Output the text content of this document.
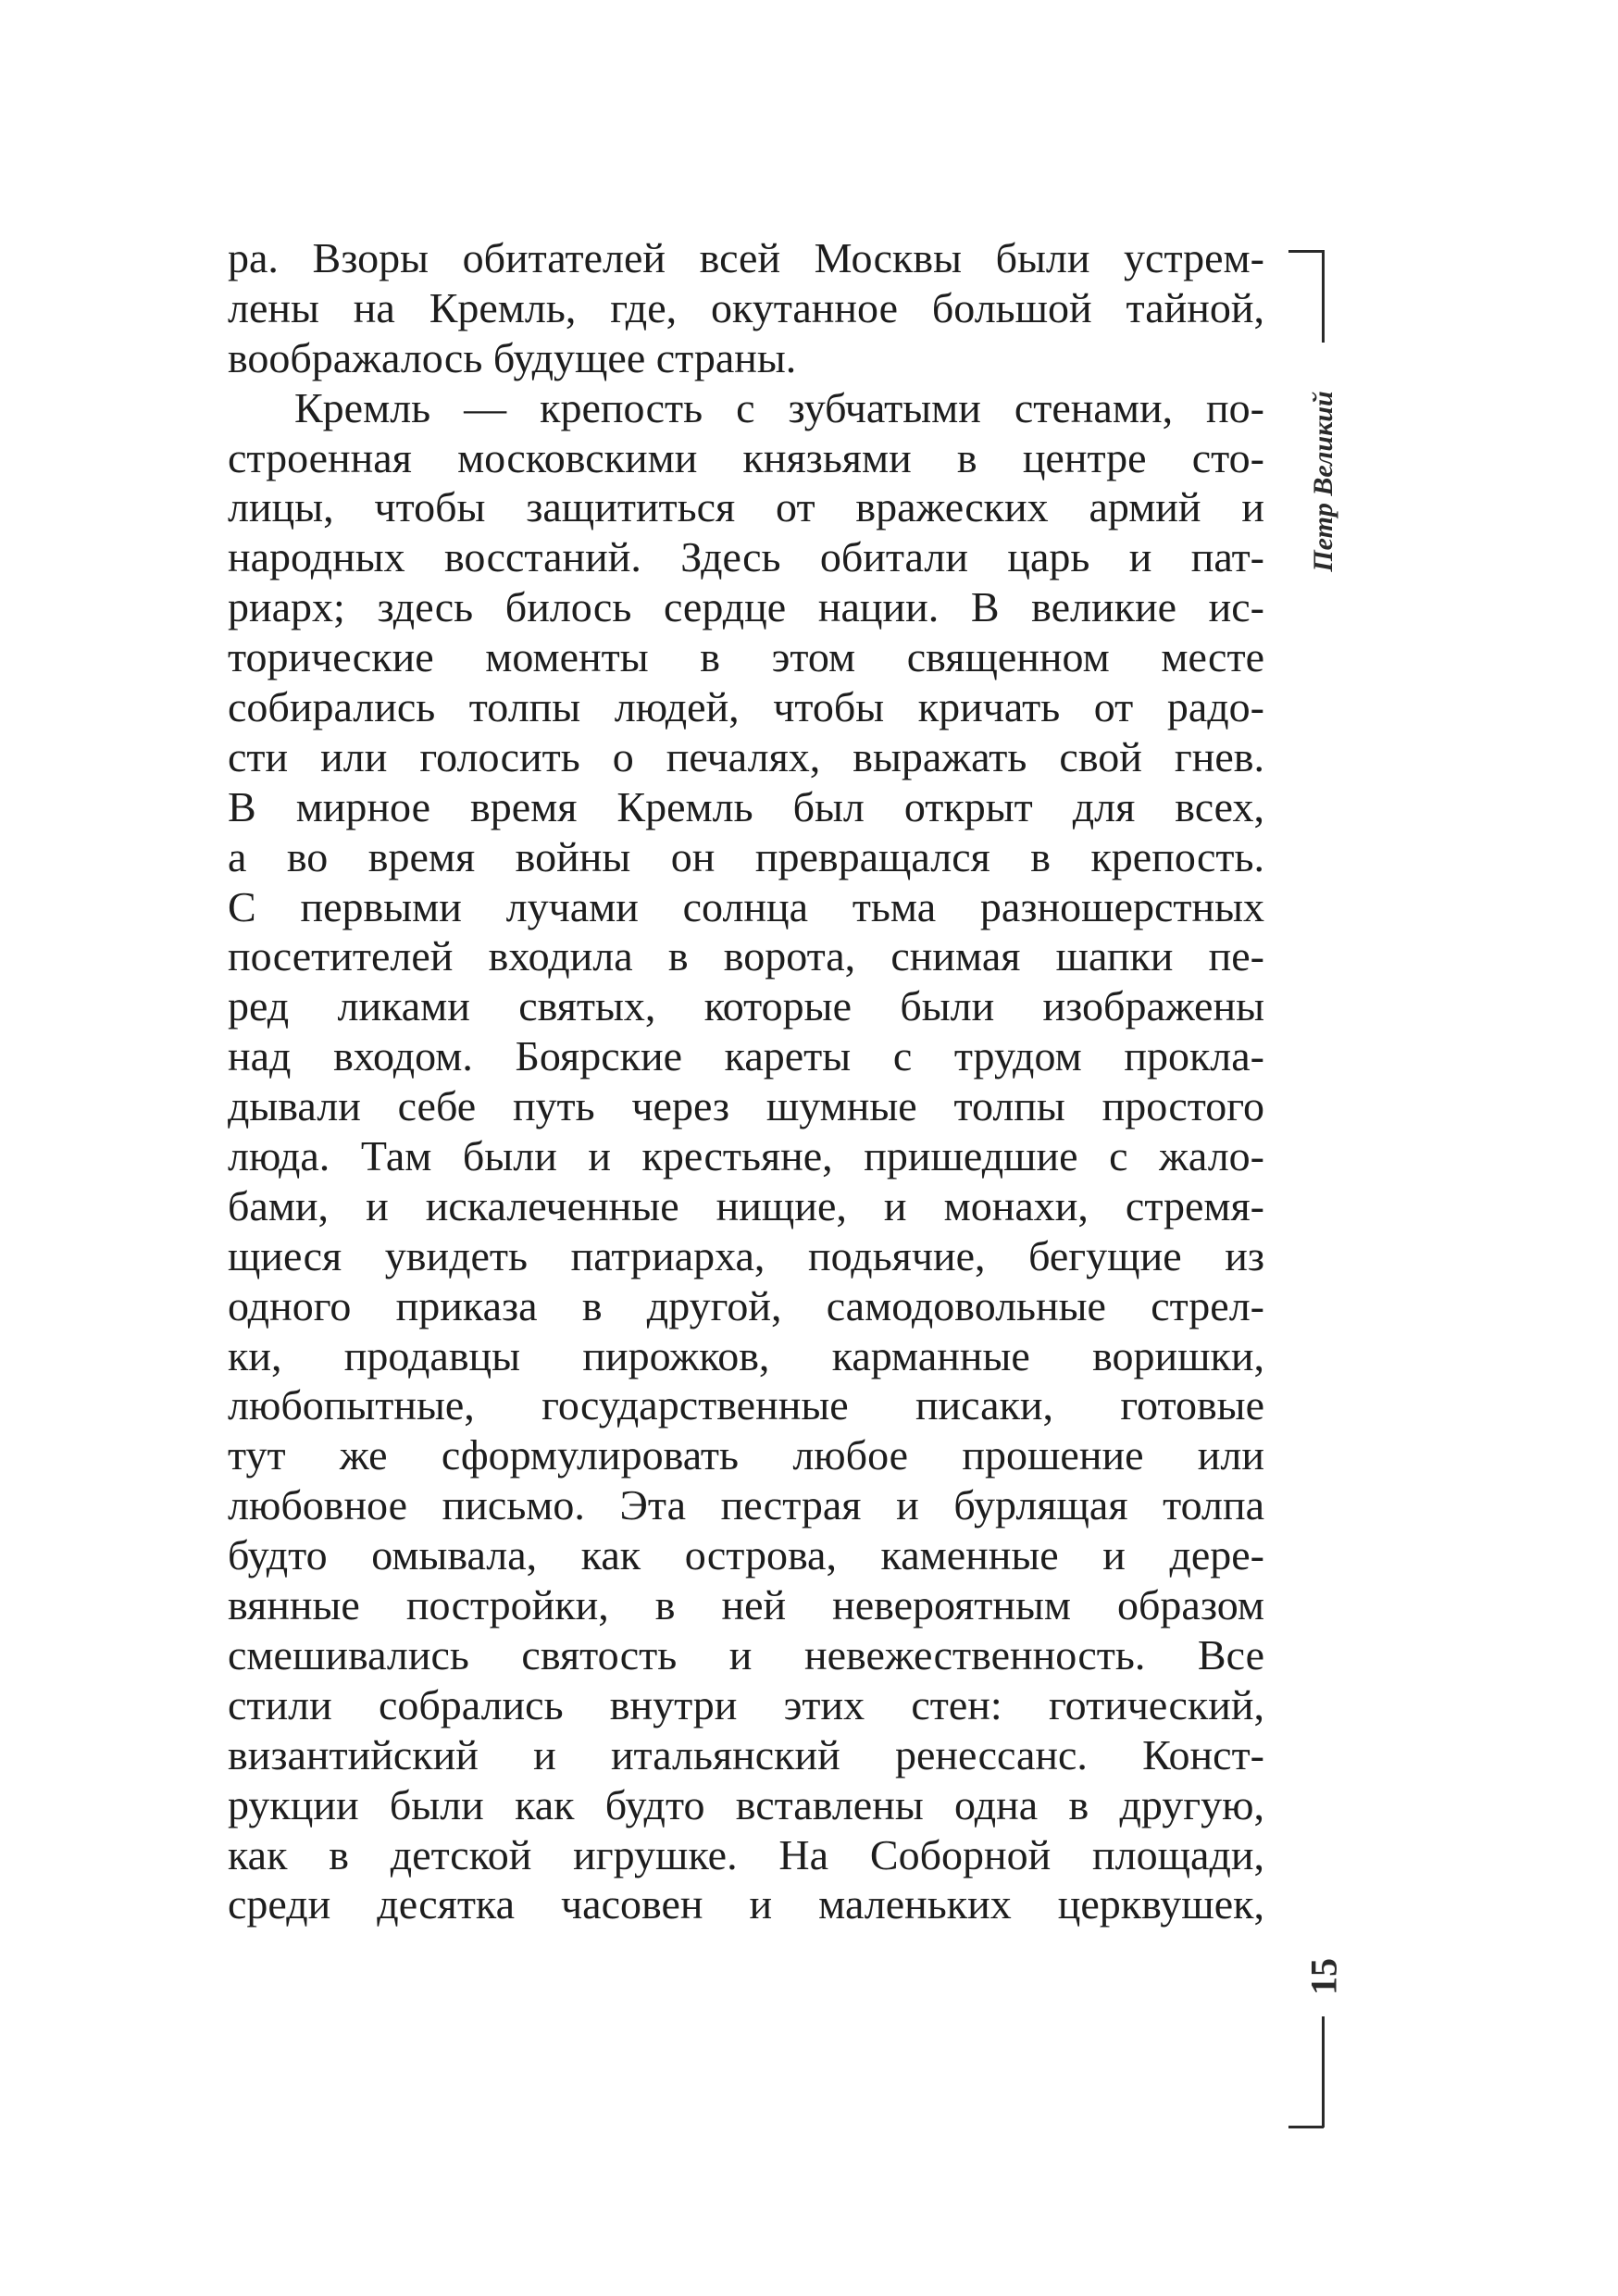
ра. Взоры обитателей всей Москвы были устрем-
лены на Кремль, где, окутанное большой тайной,
воображалось будущее страны.
Кремль — крепость с зубчатыми стенами, по-
строенная московскими князьями в центре сто-
лицы, чтобы защититься от вражеских армий и
народных восстаний. Здесь обитали царь и пат-
риарх; здесь билось сердце нации. В великие ис-
торические моменты в этом священном месте
собирались толпы людей, чтобы кричать от радо-
сти или голосить о печалях, выражать свой гнев.
В мирное время Кремль был открыт для всех,
а во время войны он превращался в крепость.
С первыми лучами солнца тьма разношерстных
посетителей входила в ворота, снимая шапки пе-
ред ликами святых, которые были изображены
над входом. Боярские кареты с трудом прокла-
дывали себе путь через шумные толпы простого
люда. Там были и крестьяне, пришедшие с жало-
бами, и искалеченные нищие, и монахи, стремя-
щиеся увидеть патриарха, подьячие, бегущие из
одного приказа в другой, самодовольные стрел-
ки, продавцы пирожков, карманные воришки,
любопытные, государственные писаки, готовые
тут же сформулировать любое прошение или
любовное письмо. Эта пестрая и бурлящая толпа
будто омывала, как острова, каменные и дере-
вянные постройки, в ней невероятным образом
смешивались святость и невежественность. Все
стили собрались внутри этих стен: готический,
византийский и итальянский ренессанс. Конст-
рукции были как будто вставлены одна в другую,
как в детской игрушке. На Соборной площади,
среди десятка часовен и маленьких церквушек,
Петр Великий
15
